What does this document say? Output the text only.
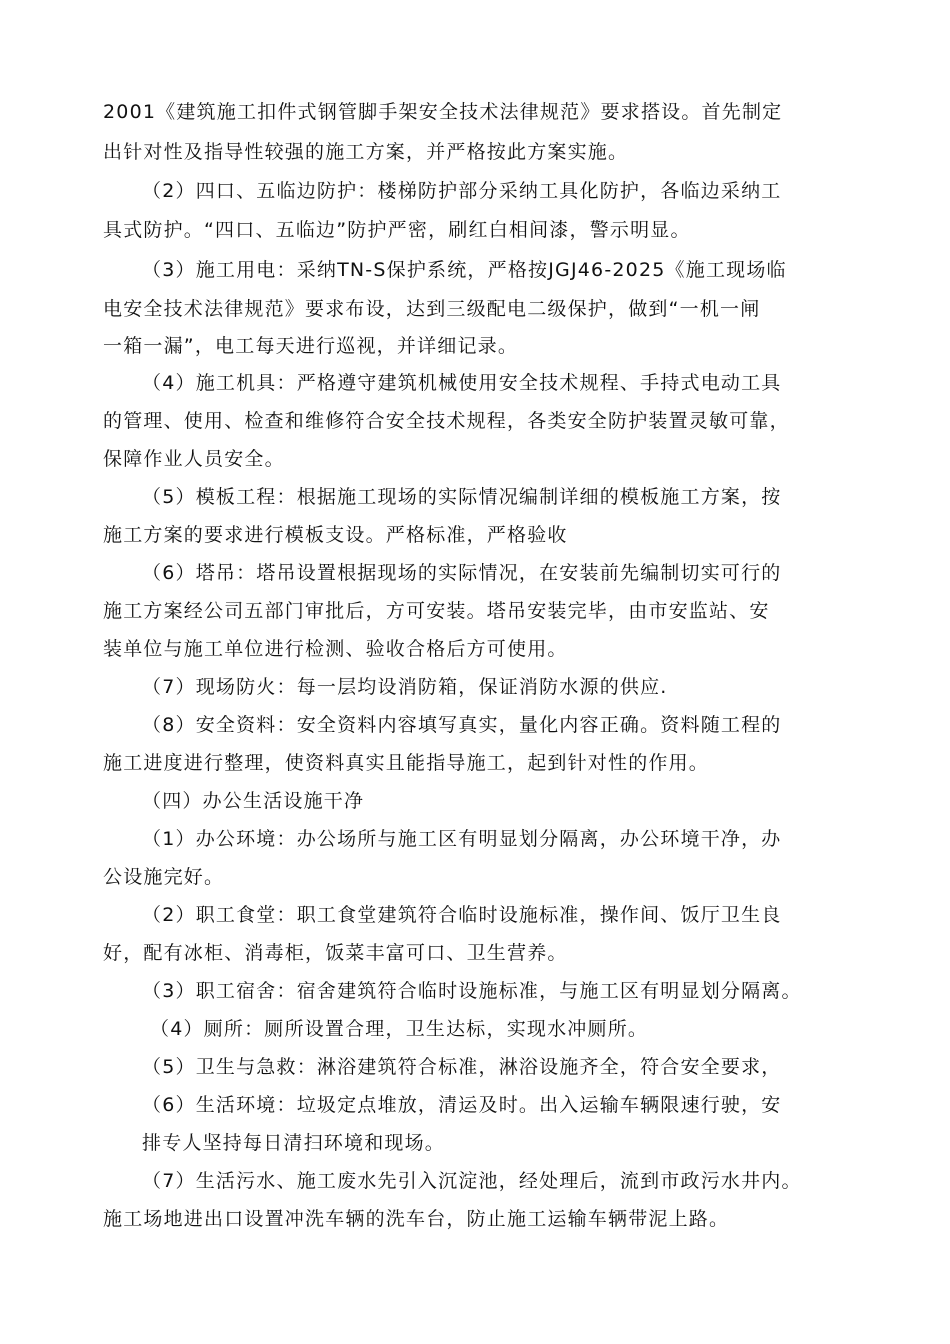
2001《建筑施工扣件式钢管脚手架安全技术法律规范》要求搭设。首先制定
出针对性及指导性较强的施工方案，并严格按此方案实施。
（2）四口、五临边防护：楼梯防护部分采纳工具化防护，各临边采纳工
具式防护。“四口、五临边”防护严密，刷红白相间漆，警示明显。
（3）施工用电：采纳TN-S保护系统，严格按JGJ46-2025《施工现场临
电安全技术法律规范》要求布设，达到三级配电二级保护，做到“一机一闸
一箱一漏”，电工每天进行巡视，并详细记录。
（4）施工机具：严格遵守建筑机械使用安全技术规程、手持式电动工具
的管理、使用、检查和维修符合安全技术规程，各类安全防护装置灵敏可靠，
保障作业人员安全。
（5）模板工程：根据施工现场的实际情况编制详细的模板施工方案，按
施工方案的要求进行模板支设。严格标准，严格验收
（6）塔吊：塔吊设置根据现场的实际情况，在安装前先编制切实可行的
施工方案经公司五部门审批后，方可安装。塔吊安装完毕，由市安监站、安
装单位与施工单位进行检测、验收合格后方可使用。
（7）现场防火：每一层均设消防箱，保证消防水源的供应.
（8）安全资料：安全资料内容填写真实，量化内容正确。资料随工程的
施工进度进行整理，使资料真实且能指导施工，起到针对性的作用。
（四）办公生活设施干净
（1）办公环境：办公场所与施工区有明显划分隔离，办公环境干净，办
公设施完好。
（2）职工食堂：职工食堂建筑符合临时设施标准，操作间、饭厅卫生良
好，配有冰柜、消毒柜，饭菜丰富可口、卫生营养。
（3）职工宿舍：宿舍建筑符合临时设施标准，与施工区有明显划分隔离。
（4）厕所：厕所设置合理，卫生达标，实现水冲厕所。
（5）卫生与急救：淋浴建筑符合标准，淋浴设施齐全，符合安全要求，
（6）生活环境：垃圾定点堆放，清运及时。出入运输车辆限速行驶，安
排专人坚持每日清扫环境和现场。
（7）生活污水、施工废水先引入沉淀池，经处理后，流到市政污水井内。
施工场地进出口设置冲洗车辆的洗车台，防止施工运输车辆带泥上路。
